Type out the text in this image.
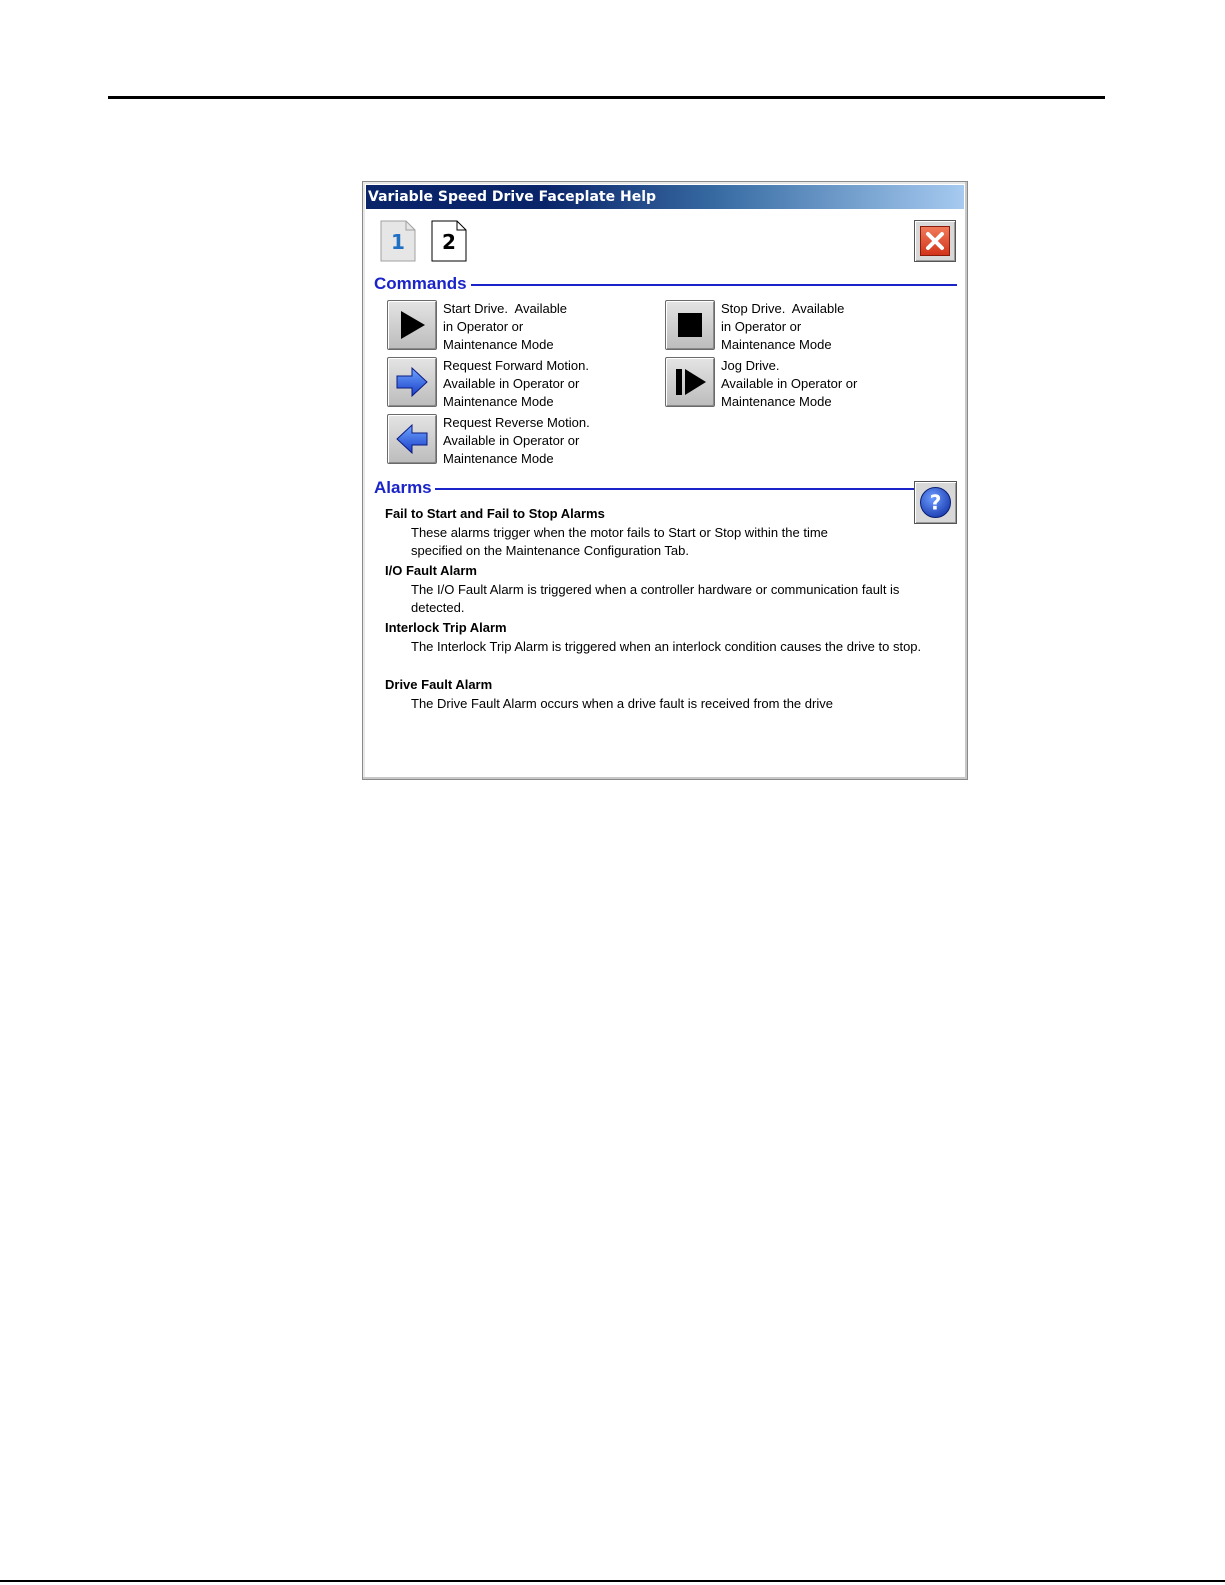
Variable Speed Drive Faceplate Help
1	2
Commands
Start Drive.  Available
in Operator or
Maintenance Mode
Stop Drive.  Available
in Operator or
Maintenance Mode
Request Forward Motion.
Available in Operator or
Maintenance Mode
Jog Drive.
Available in Operator or
Maintenance Mode
Request Reverse Motion.
Available in Operator or
Maintenance Mode
Alarms
?
Fail to Start and Fail to Stop Alarms
These alarms trigger when the motor fails to Start or Stop within the time specified on the Maintenance Configuration Tab.
I/O Fault Alarm
The I/O Fault Alarm is triggered when a controller hardware or communication fault is detected.
Interlock Trip Alarm
The Interlock Trip Alarm is triggered when an interlock condition causes the drive to stop.
Drive Fault Alarm
The Drive Fault Alarm occurs when a drive fault is received from the drive
